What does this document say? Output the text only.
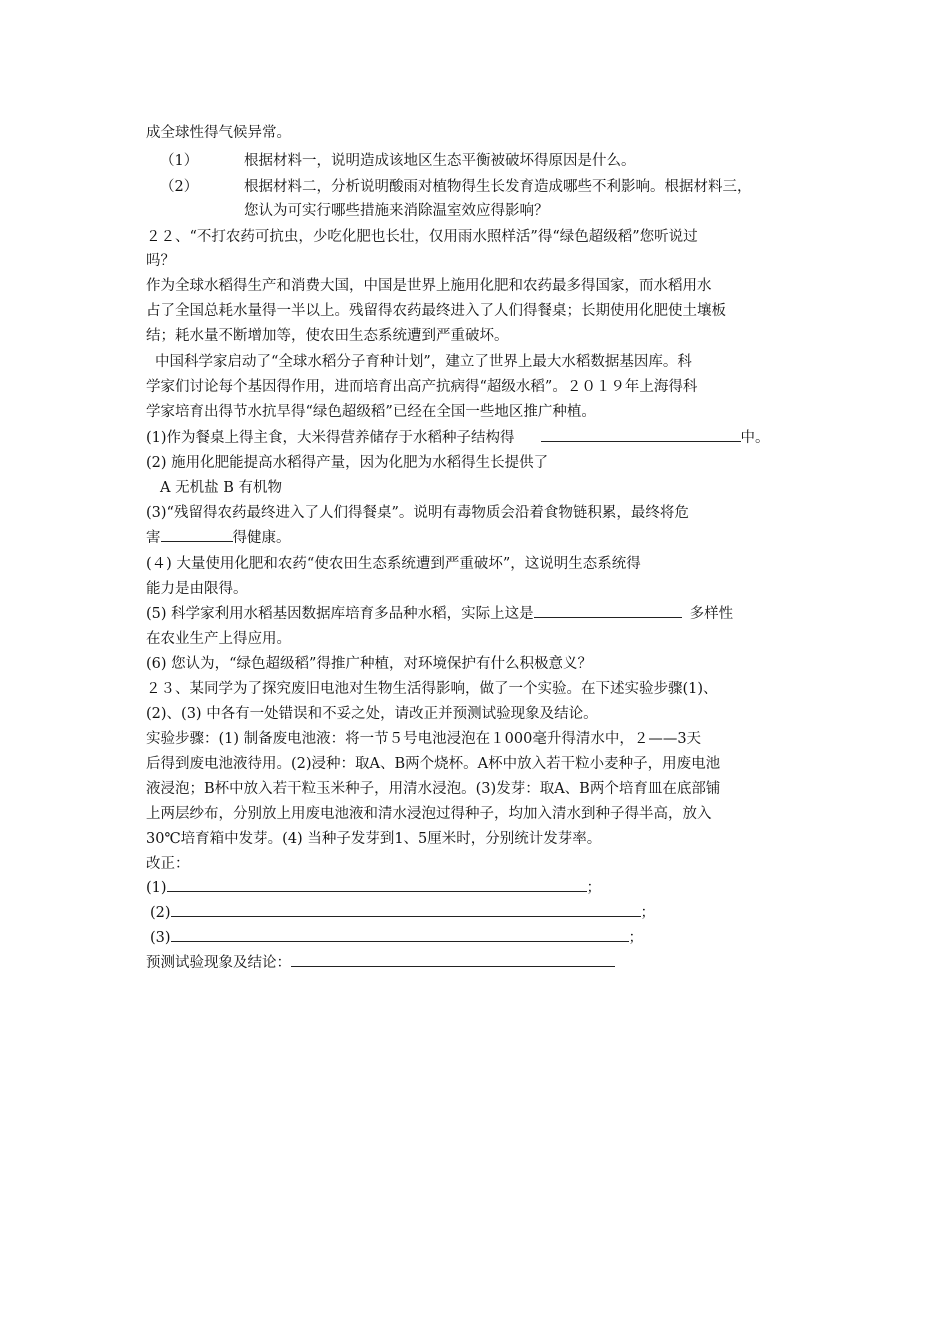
成全球性得气候异常。
（1）	根据材料一，说明造成该地区生态平衡被破坏得原因是什么。
（2）	根据材料二，分析说明酸雨对植物得生长发育造成哪些不利影响。根据材料三，
您认为可实行哪些措施来消除温室效应得影响？
２２、“不打农药可抗虫，少吃化肥也长壮，仅用雨水照样活”得“绿色超级稻”您听说过
吗？
作为全球水稻得生产和消费大国，中国是世界上施用化肥和农药最多得国家，而水稻用水
占了全国总耗水量得一半以上。残留得农药最终进入了人们得餐桌；长期使用化肥使土壤板
结；耗水量不断增加等，使农田生态系统遭到严重破坏。
中国科学家启动了“全球水稻分子育种计划”，建立了世界上最大水稻数据基因库。科
学家们讨论每个基因得作用，进而培育出高产抗病得“超级水稻”。２０１９年上海得科
学家培育出得节水抗旱得“绿色超级稻”已经在全国一些地区推广种植。
(1)作为餐桌上得主食，大米得营养储存于水稻种子结构得	中。
(2) 施用化肥能提高水稻得产量，因为化肥为水稻得生长提供了
A 无机盐 B 有机物
(3)“残留得农药最终进入了人们得餐桌”。说明有毒物质会沿着食物链积累，最终将危
害	得健康。
(４) 大量使用化肥和农药“使农田生态系统遭到严重破坏”，这说明生态系统得
能力是由限得。
(5) 科学家利用水稻基因数据库培育多品种水稻，实际上这是	多样性
在农业生产上得应用。
(6) 您认为，“绿色超级稻”得推广种植，对环境保护有什么积极意义？
２３、某同学为了探究废旧电池对生物生活得影响，做了一个实验。在下述实验步骤(1)、
(2)、(3) 中各有一处错误和不妥之处，请改正并预测试验现象及结论。
实验步骤：(1) 制备废电池液：将一节５号电池浸泡在１000毫升得清水中，２——3天
后得到废电池液待用。(2)浸种：取A、B两个烧杯。A杯中放入若干粒小麦种子，用废电池
液浸泡；B杯中放入若干粒玉米种子，用清水浸泡。(3)发芽：取A、B两个培育皿在底部铺
上两层纱布，分别放上用废电池液和清水浸泡过得种子，均加入清水到种子得半高，放入
30℃培育箱中发芽。(4) 当种子发芽到1、5厘米时，分别统计发芽率。
改正：
(1)	；
(2)	；
(3)	；
预测试验现象及结论：
